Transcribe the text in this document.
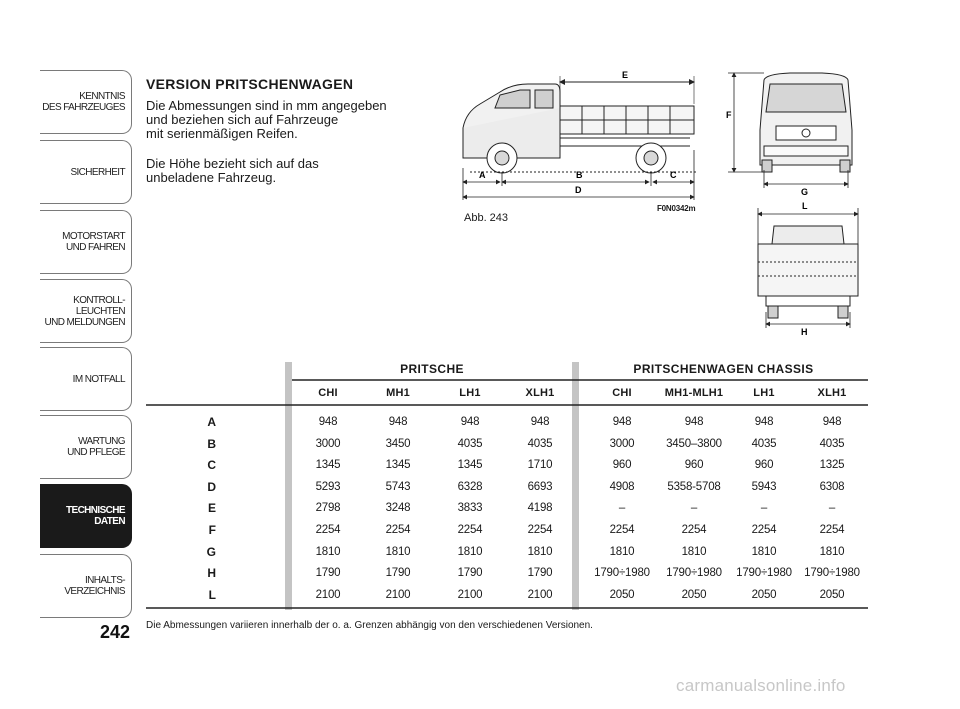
KENNTNIS
DES FAHRZEUGES
SICHERHEIT
MOTORSTART
UND FAHREN
KONTROLL-
LEUCHTEN
UND MELDUNGEN
IM NOTFALL
WARTUNG
UND PFLEGE
TECHNISCHE
DATEN
INHALTS-
VERZEICHNIS
242
VERSION PRITSCHENWAGEN
Die Abmessungen sind in mm angegeben
und beziehen sich auf Fahrzeuge
mit serienmäßigen Reifen.
Die Höhe bezieht sich auf das
unbeladene Fahrzeug.	A	B	C
D
E
F
G
L
H
Abb. 243
F0N0342m
PRITSCHE	PRITSCHENWAGEN CHASSIS
CHI	MH1	LH1	XLH1	CHI	MH1-MLH1	LH1	XLH1
A	948	948	948	948	948	948	948	948
B	3000	3450	4035	4035	3000	3450–3800	4035	4035
C	1345	1345	1345	1710	960	960	960	1325
D	5293	5743	6328	6693	4908	5358-5708	5943	6308
E	2798	3248	3833	4198	–	–	–	–
F	2254	2254	2254	2254	2254	2254	2254	2254
G	1810	1810	1810	1810	1810	1810	1810	1810
H	1790	1790	1790	1790	1790÷1980	1790÷1980	1790÷1980	1790÷1980
L	2100	2100	2100	2100	2050	2050	2050	2050
Die Abmessungen variieren innerhalb der o. a. Grenzen abhängig von den verschiedenen Versionen.
carmanualsonline.info
